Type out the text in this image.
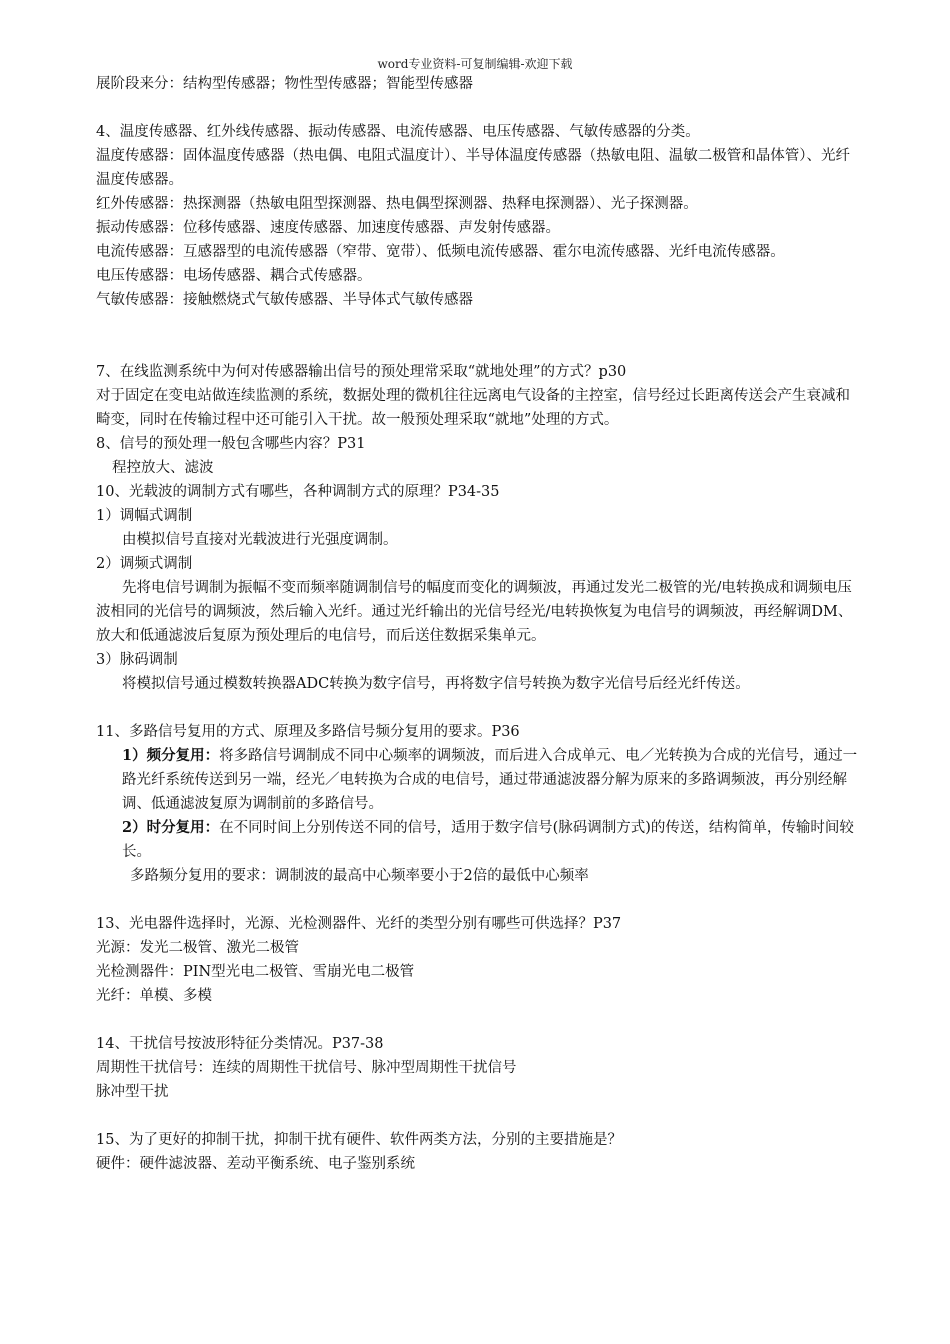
word专业资料-可复制编辑-欢迎下载

展阶段来分：结构型传感器；物性型传感器；智能型传感器

4、温度传感器、红外线传感器、振动传感器、电流传感器、电压传感器、气敏传感器的分类。

温度传感器：固体温度传感器（热电偶、电阻式温度计）、半导体温度传感器（热敏电阻、温敏二极管和晶体管）、光纤温度传感器。

红外传感器：热探测器（热敏电阻型探测器、热电偶型探测器、热释电探测器）、光子探测器。

振动传感器：位移传感器、速度传感器、加速度传感器、声发射传感器。

电流传感器：互感器型的电流传感器（窄带、宽带）、低频电流传感器、霍尔电流传感器、光纤电流传感器。

电压传感器：电场传感器、耦合式传感器。

气敏传感器：接触燃烧式气敏传感器、半导体式气敏传感器

7、在线监测系统中为何对传感器输出信号的预处理常采取“就地处理”的方式？p30

对于固定在变电站做连续监测的系统，数据处理的微机往往远离电气设备的主控室，信号经过长距离传送会产生衰减和畸变，同时在传输过程中还可能引入干扰。故一般预处理采取“就地”处理的方式。

8、信号的预处理一般包含哪些内容？P31

程控放大、滤波

10、光载波的调制方式有哪些，各种调制方式的原理？P34-35

1）调幅式调制

由模拟信号直接对光载波进行光强度调制。

2）调频式调制

先将电信号调制为振幅不变而频率随调制信号的幅度而变化的调频波，再通过发光二极管的光/电转换成和调频电压波相同的光信号的调频波，然后输入光纤。通过光纤输出的光信号经光/电转换恢复为电信号的调频波，再经解调DM、放大和低通滤波后复原为预处理后的电信号，而后送住数据采集单元。

3）脉码调制

将模拟信号通过模数转换器ADC转换为数字信号，再将数字信号转换为数字光信号后经光纤传送。

11、多路信号复用的方式、原理及多路信号频分复用的要求。P36

1）频分复用：将多路信号调制成不同中心频率的调频波，而后进入合成单元、电／光转换为合成的光信号，通过一路光纤系统传送到另一端，经光／电转换为合成的电信号，通过带通滤波器分解为原来的多路调频波，再分别经解调、低通滤波复原为调制前的多路信号。

2）时分复用：在不同时间上分别传送不同的信号，适用于数字信号(脉码调制方式)的传送，结构简单，传输时间较长。

多路频分复用的要求：调制波的最高中心频率要小于2倍的最低中心频率

13、光电器件选择时，光源、光检测器件、光纤的类型分别有哪些可供选择？P37

光源：发光二极管、激光二极管

光检测器件：PIN型光电二极管、雪崩光电二极管

光纤：单模、多模

14、干扰信号按波形特征分类情况。P37-38

周期性干扰信号：连续的周期性干扰信号、脉冲型周期性干扰信号

脉冲型干扰

15、为了更好的抑制干扰，抑制干扰有硬件、软件两类方法，分别的主要措施是？

硬件：硬件滤波器、差动平衡系统、电子鉴别系统
